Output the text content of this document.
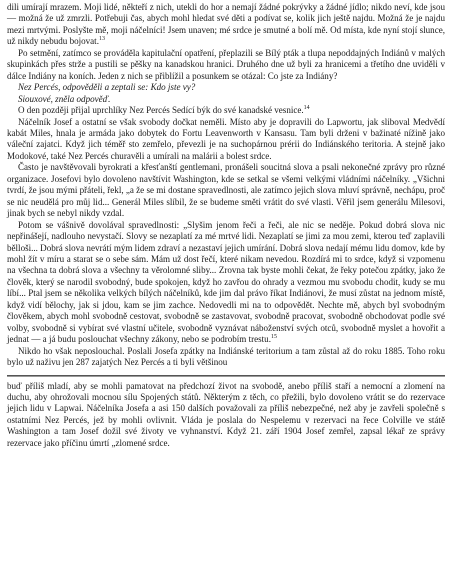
dili umírají mrazem. Moji lidé, někteří z nich, utekli do hor a nemají žádné pokrývky a žádné jídlo; nikdo neví, kde jsou — možná že už zmrzli. Potřebuji čas, abych mohl hledat své děti a podívat se, kolik jich ještě najdu. Možná že je najdu mezi mrtvými. Poslyšte mě, moji náčelníci! Jsem unaven; mé srdce je smutné a bolí mě. Od místa, kde nyní stojí slunce, už nikdy nebudu bojovat.$^{13}$

Po setmění, zatímco se prováděla kapitulační opatření, přeplazili se Bílý pták a tlupa nepoddajných Indiánů v malých skupinkách přes strže a pustili se pěšky na kanadskou hranici. Druhého dne už byli za hranicemi a třetího dne uviděli v dálce Indiány na koních. Jeden z nich se přiblížil a posunkem se otázal: Co jste za Indiány?

Nez Percés, odpověděli a zeptali se: Kdo jste vy?

Siouxové, zněla odpověď.

O den později přijal uprchlíky Nez Percés Sedící býk do své kanadské vesnice.$^{14}$

Náčelník Josef a ostatní se však svobody dočkat neměli. Místo aby je dopravili do Lapwortu, jak sliboval Medvědí kabát Miles, hnala je armáda jako dobytek do Fortu Leavenworth v Kansasu. Tam byli drženi v bažinaté nížině jako váleční zajatci. Když jich téměř sto zemřelo, převezli je na suchopárnou prérii do Indiánského teritoria. A stejně jako Modokové, také Nez Percés churavěli a umírali na malárii a bolest srdce.

Často je navštěvovali byrokrati a křesťanští gentlemani, pronášeli soucitná slova a psali nekonečné zprávy pro různé organizace. Josefovi bylo dovoleno navštívit Washington, kde se setkal se všemi velkými vládními náčelníky. „Všichni tvrdí, že jsou mými přáteli, řekl, „a že se mi dostane spravedlnosti, ale zatímco jejich slova mluví správně, nechápu, proč se nic neudělá pro můj lid... Generál Miles slíbil, že se budeme směti vrátit do své vlasti. Věřil jsem generálu Milesovi, jinak bych se nebyl nikdy vzdal.

Potom se vášnivě dovolával spravedlnosti: „Slyšim jenom řeči a řeči, ale nic se neděje. Pokud dobrá slova nic nepřinášejí, nadlouho nevystačí. Slovy se nezaplatí za mé mrtvé lidi. Nezaplatí se jimi za mou zemi, kterou teď zaplavili bělloši... Dobrá slova nevrátí mým lidem zdraví a nezastaví jejich umírání. Dobrá slova nedají mému lidu domov, kde by mohl žít v míru a starat se o sebe sám. Mám už dost řečí, které nikam nevedou. Rozdírá mi to srdce, když si vzpomenu na všechna ta dobrá slova a všechny ta věrolomné sliby... Zrovna tak byste mohli čekat, že řeky potečou zpátky, jako že člověk, který se narodil svobodný, bude spokojen, když ho zavřou do ohrady a vezmou mu svobodu chodit, kudy se mu líbí... Ptal jsem se několika velkých bílých náčelníků, kde jim dal právo říkat Indiánovi, že musí zůstat na jednom místě, když vidí bělochy, jak si jdou, kam se jim zachce. Nedovedli mi na to odpovědět. Nechte mě, abych byl svobodným člověkem, abych mohl svobodně cestovat, svobodně se zastavovat, svobodně pracovat, svobodně obchodovat podle své volby, svobodně si vybírat své vlastní učitele, svobodně vyznávat náboženství svých otců, svobodně myslet a hovořit a jednat — a já budu poslouchat všechny zákony, nebo se podrobím trestu.$^{15}$

Nikdo ho však neposlouchal. Poslali Josefa zpátky na Indiánské teritorium a tam zůstal až do roku 1885. Toho roku bylo už naživu jen 287 zajatých Nez Percés a ti byli většinou

buď příliš mladí, aby se mohli pamatovat na předchozí život na svobodě, anebo příliš staří a nemocní a zlomení na duchu, aby ohrožovali mocnou sílu Spojených států. Některým z těch, co přežili, bylo dovoleno vrátit se do rezervace jejich lidu v Lapwai. Náčelníka Josefa a asi 150 dalších považovali za příliš nebezpečné, než aby je zavřeli společně s ostatními Nez Percés, jež by mohli ovlivnit. Vláda je poslala do Nespelemu v rezervaci na řece Colville ve státě Washington a tam Josef dožil své životy ve vyhnanství. Když 21. září 1904 Josef zemřel, zapsal lékař ze správy rezervace jako příčinu úmrtí „zlomené srdce.
